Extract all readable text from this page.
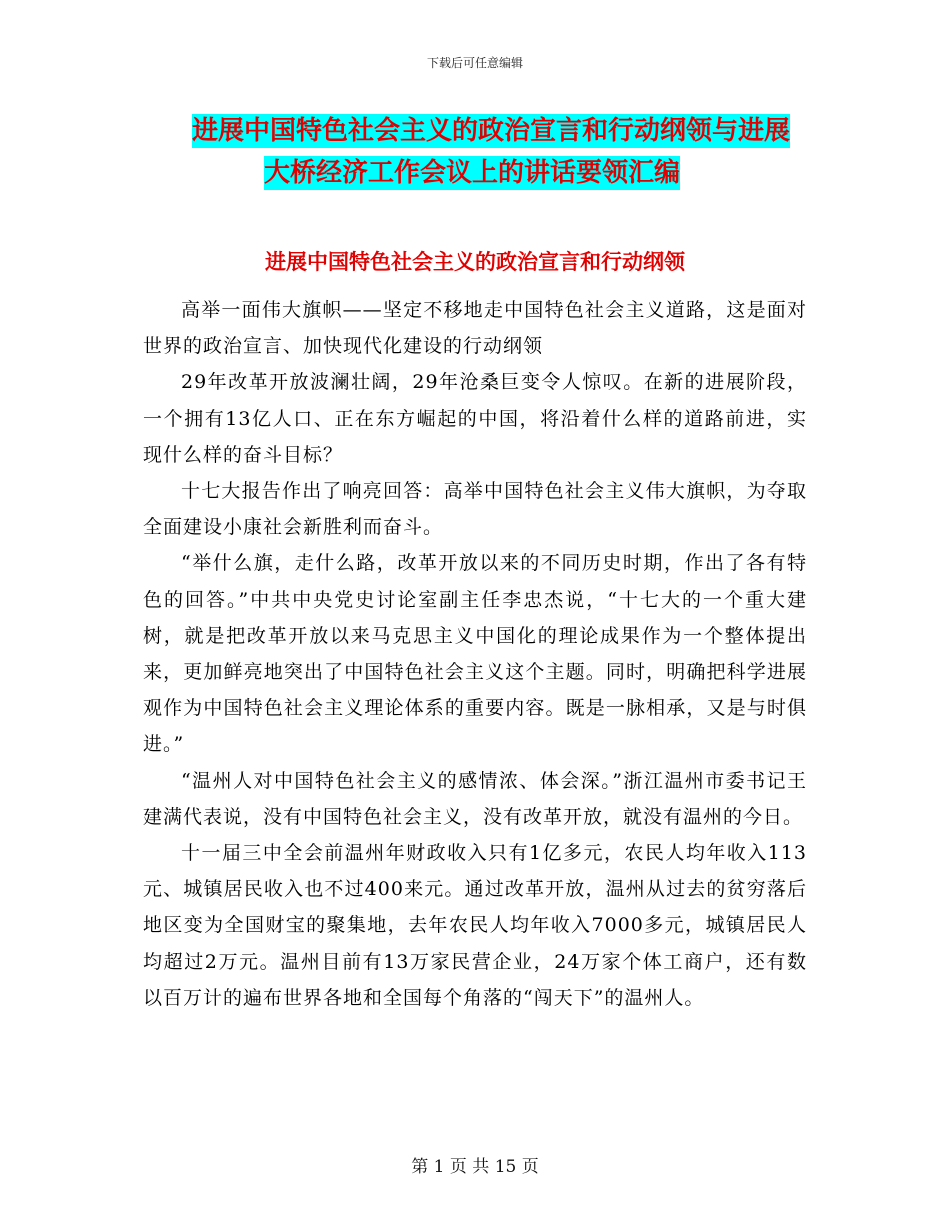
下载后可任意编辑
进展中国特色社会主义的政治宣言和行动纲领与进展
大桥经济工作会议上的讲话要领汇编
进展中国特色社会主义的政治宣言和行动纲领

高举一面伟大旗帜——坚定不移地走中国特色社会主义道路，这是面对世界的政治宣言、加快现代化建设的行动纲领

29年改革开放波澜壮阔，29年沧桑巨变令人惊叹。在新的进展阶段，一个拥有13亿人口、正在东方崛起的中国，将沿着什么样的道路前进，实现什么样的奋斗目标？

十七大报告作出了响亮回答：高举中国特色社会主义伟大旗帜，为夺取全面建设小康社会新胜利而奋斗。

“举什么旗，走什么路，改革开放以来的不同历史时期，作出了各有特色的回答。”中共中央党史讨论室副主任李忠杰说，“十七大的一个重大建树，就是把改革开放以来马克思主义中国化的理论成果作为一个整体提出来，更加鲜亮地突出了中国特色社会主义这个主题。同时，明确把科学进展观作为中国特色社会主义理论体系的重要内容。既是一脉相承，又是与时俱进。”

“温州人对中国特色社会主义的感情浓、体会深。”浙江温州市委书记王建满代表说，没有中国特色社会主义，没有改革开放，就没有温州的今日。

十一届三中全会前温州年财政收入只有1亿多元，农民人均年收入113元、城镇居民收入也不过400来元。通过改革开放，温州从过去的贫穷落后地区变为全国财宝的聚集地，去年农民人均年收入7000多元，城镇居民人均超过2万元。温州目前有13万家民营企业，24万家个体工商户，还有数以百万计的遍布世界各地和全国每个角落的“闯天下”的温州人。

第 1 页 共 15 页
